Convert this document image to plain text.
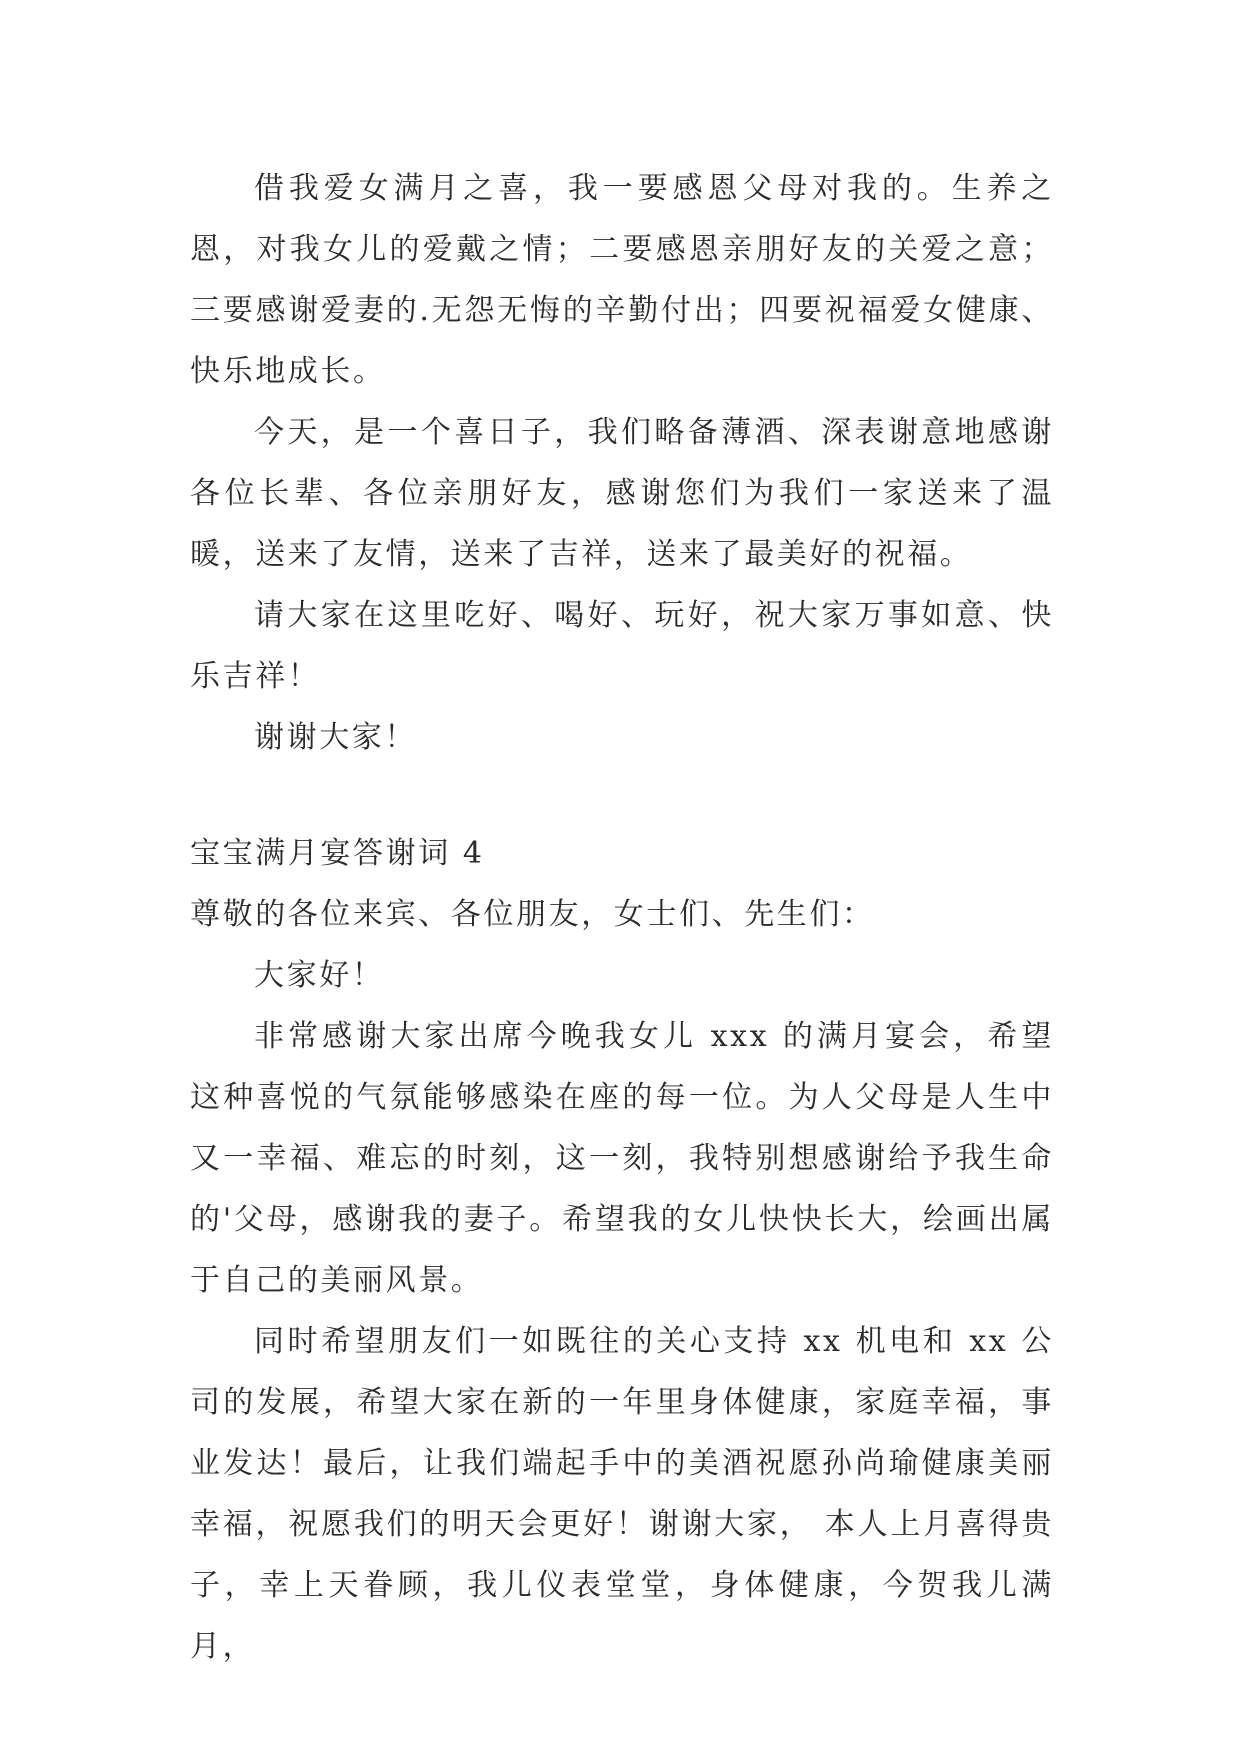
借我爱女满月之喜，我一要感恩父母对我的。生养之恩，对我女儿的爱戴之情；二要感恩亲朋好友的关爱之意；三要感谢爱妻的.无怨无悔的辛勤付出；四要祝福爱女健康、快乐地成长。

今天，是一个喜日子，我们略备薄酒、深表谢意地感谢各位长辈、各位亲朋好友，感谢您们为我们一家送来了温暖，送来了友情，送来了吉祥，送来了最美好的祝福。

请大家在这里吃好、喝好、玩好，祝大家万事如意、快乐吉祥！

谢谢大家！

宝宝满月宴答谢词 4

尊敬的各位来宾、各位朋友，女士们、先生们：

大家好！

非常感谢大家出席今晚我女儿 xxx 的满月宴会，希望这种喜悦的气氛能够感染在座的每一位。为人父母是人生中又一幸福、难忘的时刻，这一刻，我特别想感谢给予我生命的'父母，感谢我的妻子。希望我的女儿快快长大，绘画出属于自己的美丽风景。

同时希望朋友们一如既往的关心支持 xx 机电和 xx 公司的发展，希望大家在新的一年里身体健康，家庭幸福，事业发达！最后，让我们端起手中的美酒祝愿孙尚瑜健康美丽幸福，祝愿我们的明天会更好！谢谢大家， 本人上月喜得贵子，幸上天眷顾，我儿仪表堂堂，身体健康，今贺我儿满月，
